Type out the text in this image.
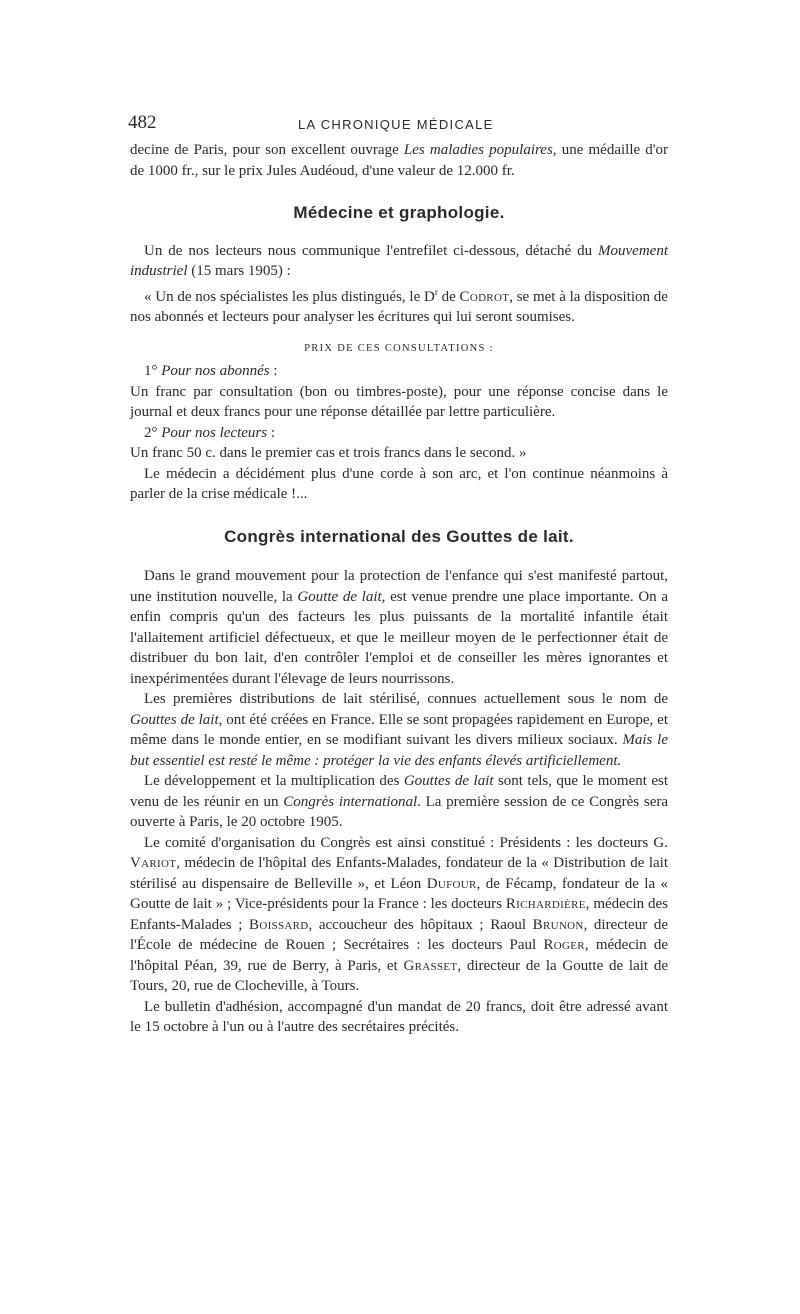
482	LA CHRONIQUE MÉDICALE

decine de Paris, pour son excellent ouvrage Les maladies populaires, une médaille d'or de 1000 fr., sur le prix Jules Audéoud, d'une valeur de 12.000 fr.

Médecine et graphologie.

Un de nos lecteurs nous communique l'entrefilet ci-dessous, détaché du Mouvement industriel (15 mars 1905) :

« Un de nos spécialistes les plus distingués, le $D^r$ de Codrot, se met à la disposition de nos abonnés et lecteurs pour analyser les écritures qui lui seront soumises.

PRIX DE CES CONSULTATIONS :

1° Pour nos abonnés :

Un franc par consultation (bon ou timbres-poste), pour une réponse concise dans le journal et deux francs pour une réponse détaillée par lettre particulière.

2° Pour nos lecteurs :

Un franc 50 c. dans le premier cas et trois francs dans le second. »

Le médecin a décidément plus d'une corde à son arc, et l'on continue néanmoins à parler de la crise médicale !...

Congrès international des Gouttes de lait.

Dans le grand mouvement pour la protection de l'enfance qui s'est manifesté partout, une institution nouvelle, la Goutte de lait, est venue prendre une place importante. On a enfin compris qu'un des facteurs les plus puissants de la mortalité infantile était l'allaitement artificiel défectueux, et que le meilleur moyen de le perfectionner était de distribuer du bon lait, d'en contrôler l'emploi et de conseiller les mères ignorantes et inexpérimentées durant l'élevage de leurs nourrissons.

Les premières distributions de lait stérilisé, connues actuellement sous le nom de Gouttes de lait, ont été créées en France. Elle se sont propagées rapidement en Europe, et même dans le monde entier, en se modifiant suivant les divers milieux sociaux. Mais le but essentiel est resté le même : protéger la vie des enfants élevés artificiellement.

Le développement et la multiplication des Gouttes de lait sont tels, que le moment est venu de les réunir en un Congrès international. La première session de ce Congrès sera ouverte à Paris, le 20 octobre 1905.

Le comité d'organisation du Congrès est ainsi constitué : Présidents : les docteurs G. Variot, médecin de l'hôpital des Enfants-Malades, fondateur de la « Distribution de lait stérilisé au dispensaire de Belleville », et Léon Dufour, de Fécamp, fondateur de la « Goutte de lait » ; Vice-présidents pour la France : les docteurs Richardière, médecin des Enfants-Malades ; Boissard, accoucheur des hôpitaux ; Raoul Brunon, directeur de l'École de médecine de Rouen ; Secrétaires : les docteurs Paul Roger, médecin de l'hôpital Péan, 39, rue de Berry, à Paris, et Grasset, directeur de la Goutte de lait de Tours, 20, rue de Clocheville, à Tours.

Le bulletin d'adhésion, accompagné d'un mandat de 20 francs, doit être adressé avant le 15 octobre à l'un ou à l'autre des secrétaires précités.
